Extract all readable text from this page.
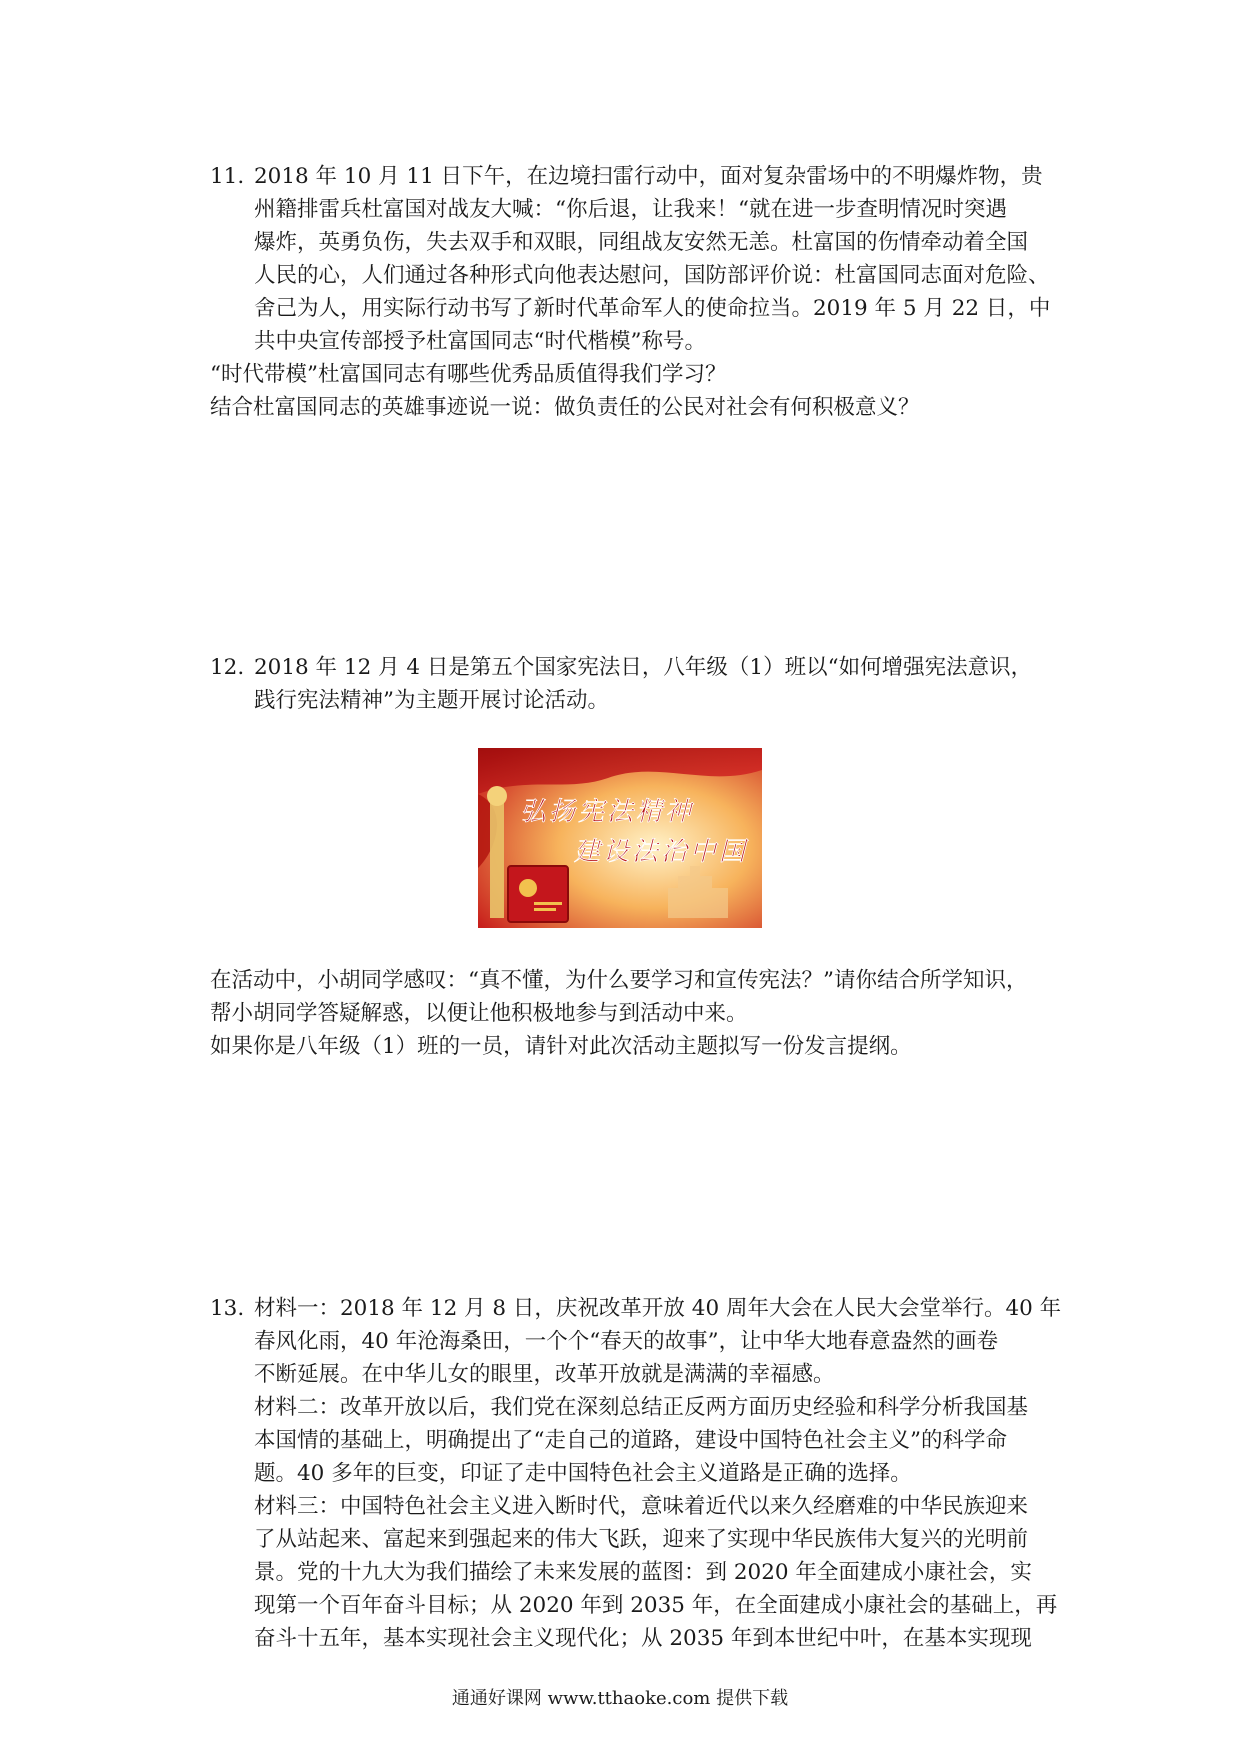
11. 2018 年 10 月 11 日下午，在边境扫雷行动中，面对复杂雷场中的不明爆炸物，贵
州籍排雷兵杜富国对战友大喊：“你后退，让我来！“就在进一步查明情况时突遇
爆炸，英勇负伤，失去双手和双眼，同组战友安然无恙。杜富国的伤情牵动着全国
人民的心，人们通过各种形式向他表达慰问，国防部评价说：杜富国同志面对危险、
舍己为人，用实际行动书写了新时代革命军人的使命拉当。2019 年 5 月 22 日，中
共中央宣传部授予杜富国同志“时代楷模”称号。
“时代带模”杜富国同志有哪些优秀品质值得我们学习？
结合杜富国同志的英雄事迹说一说：做负责任的公民对社会有何积极意义？
12. 2018 年 12 月 4 日是第五个国家宪法日，八年级（1）班以“如何增强宪法意识，
践行宪法精神”为主题开展讨论活动。
弘扬宪法精神
建设法治中国
在活动中，小胡同学感叹：“真不懂，为什么要学习和宣传宪法？”请你结合所学知识，
帮小胡同学答疑解惑，以便让他积极地参与到活动中来。
如果你是八年级（1）班的一员，请针对此次活动主题拟写一份发言提纲。
13. 材料一：2018 年 12 月 8 日，庆祝改革开放 40 周年大会在人民大会堂举行。40 年
春风化雨，40 年沧海桑田，一个个“春天的故事”，让中华大地春意盎然的画卷
不断延展。在中华儿女的眼里，改革开放就是满满的幸福感。
材料二：改革开放以后，我们党在深刻总结正反两方面历史经验和科学分析我国基
本国情的基础上，明确提出了“走自己的道路，建设中国特色社会主义”的科学命
题。40 多年的巨变，印证了走中国特色社会主义道路是正确的选择。
材料三：中国特色社会主义进入断时代，意味着近代以来久经磨难的中华民族迎来
了从站起来、富起来到强起来的伟大飞跃，迎来了实现中华民族伟大复兴的光明前
景。党的十九大为我们描绘了未来发展的蓝图：到 2020 年全面建成小康社会，实
现第一个百年奋斗目标；从 2020 年到 2035 年，在全面建成小康社会的基础上，再
奋斗十五年，基本实现社会主义现代化；从 2035 年到本世纪中叶，在基本实现现
通通好课网 www.tthaoke.com 提供下载
